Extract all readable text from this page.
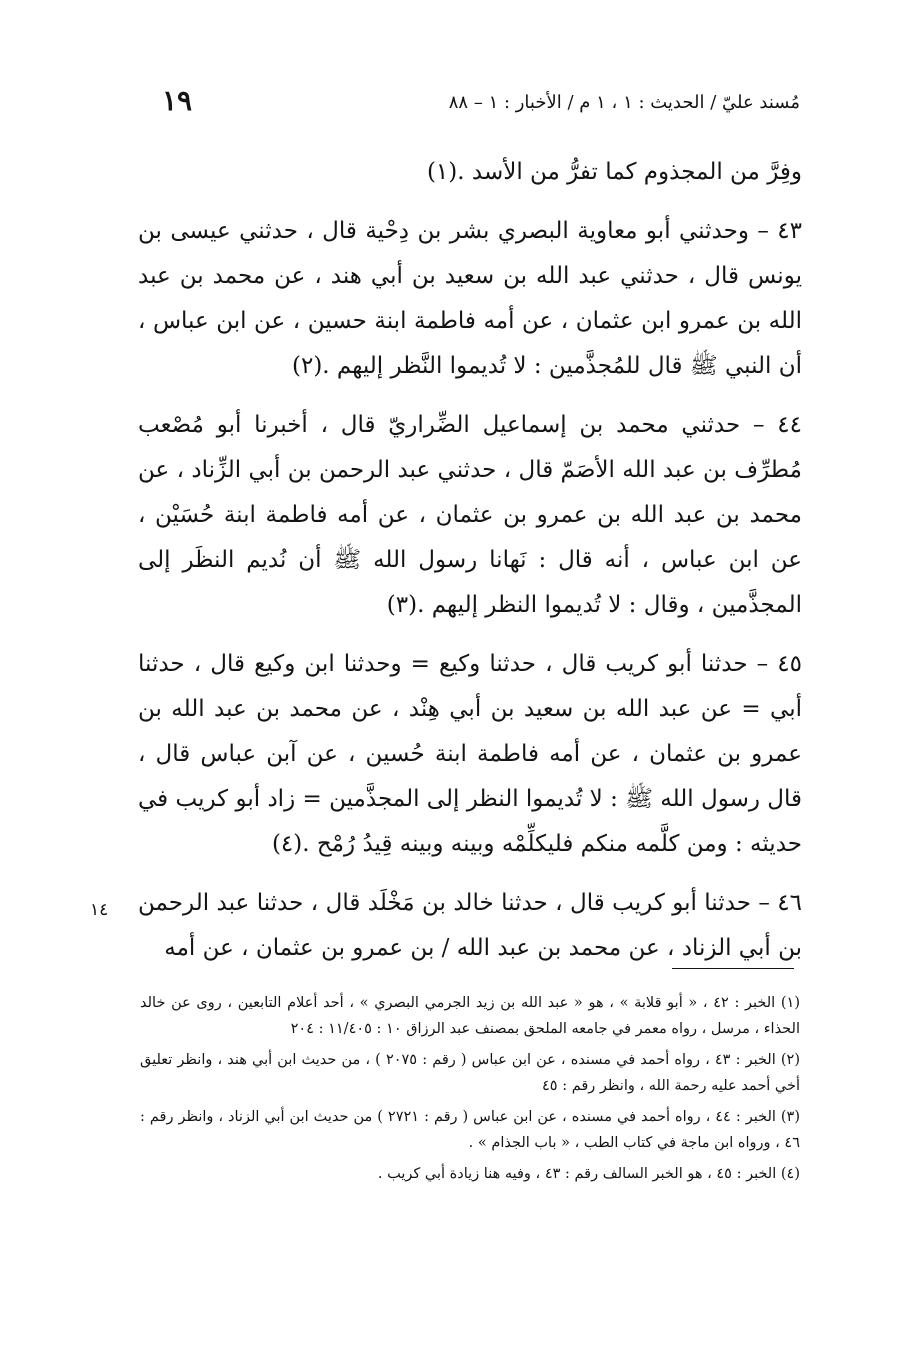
١٩	مُسند عليّ / الحديث : ١ ، ١ م / الأخبار : ١ – ٨٨

وفِرَّ من المجذوم كما تفرُّ من الأسد .(١)

٤٣ – وحدثني أبو معاوية البصري بشر بن دِحْية قال ، حدثني عيسى بن يونس قال ، حدثني عبد الله بن سعيد بن أبي هند ، عن محمد بن عبد الله بن عمرو ابن عثمان ، عن أمه فاطمة ابنة حسين ، عن ابن عباس ، أن النبي ﷺ قال للمُجذَّمين : لا تُديموا النَّظر إليهم .(٢)

٤٤ – حدثني محمد بن إسماعيل الضِّراريّ قال ، أخبرنا أبو مُصْعب مُطرِّف بن عبد الله الأصَمّ قال ، حدثني عبد الرحمن بن أبي الزِّناد ، عن محمد بن عبد الله بن عمرو بن عثمان ، عن أمه فاطمة ابنة حُسَيْن ، عن ابن عباس ، أنه قال : نَهانا رسول الله ﷺ أن نُديم النظَر إلى المجذَّمين ، وقال : لا تُديموا النظر إليهم .(٣)

٤٥ – حدثنا أبو كريب قال ، حدثنا وكيع = وحدثنا ابن وكيع قال ، حدثنا أبي = عن عبد الله بن سعيد بن أبي هِنْد ، عن محمد بن عبد الله بن عمرو بن عثمان ، عن أمه فاطمة ابنة حُسين ، عن آبن عباس قال ، قال رسول الله ﷺ : لا تُديموا النظر إلى المجذَّمين = زاد أبو كريب في حديثه : ومن كلَّمه منكم فليكلِّمْه وبينه وبينه قِيدُ رُمْح .(٤)

٤٦ – حدثنا أبو كريب قال ، حدثنا خالد بن مَخْلَد قال ، حدثنا عبد الرحمن بن أبي الزناد ، عن محمد بن عبد الله / بن عمرو بن عثمان ، عن أمه

١٤

(١) الخبر : ٤٢ ، « أبو قلابة » ، هو « عبد الله بن زيد الجرمي البصري » ، أحد أعلام التابعين ، روى عن خالد الحذاء ، مرسل ، رواه معمر في جامعه الملحق بمصنف عبد الرزاق ١٠ : ١١/٤٠٥ : ٢٠٤

(٢) الخبر : ٤٣ ، رواه أحمد في مسنده ، عن ابن عباس ( رقم : ٢٠٧٥ ) ، من حديث ابن أبي هند ، وانظر تعليق أخي أحمد عليه رحمة الله ، وانظر رقم : ٤٥

(٣) الخبر : ٤٤ ، رواه أحمد في مسنده ، عن ابن عباس ( رقم : ٢٧٢١ ) من حديث ابن أبي الزناد ، وانظر رقم : ٤٦ ، ورواه ابن ماجة في كتاب الطب ، « باب الجذام » .

(٤) الخبر : ٤٥ ، هو الخبر السالف رقم : ٤٣ ، وفيه هنا زيادة أبي كريب .
